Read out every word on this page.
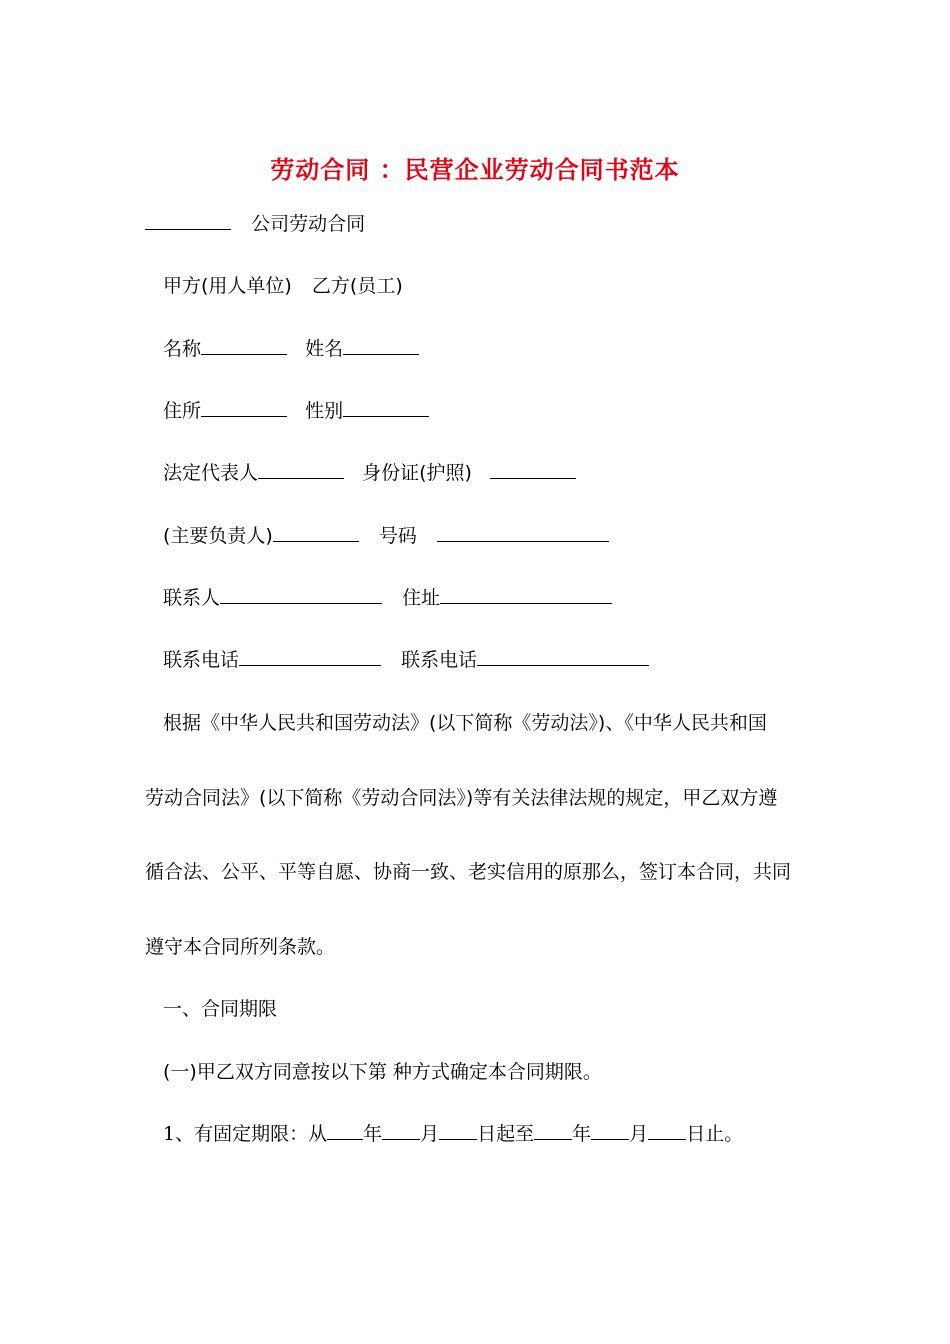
劳动合同 ：民营企业劳动合同书范本
公司劳动合同
甲方(用人单位) 乙方(员工)
名称	姓名
住所	性别
法定代表人	身份证(护照)
(主要负责人)	号码
联系人	住址
联系电话	联系电话
根据《中华人民共和国劳动法》(以下简称《劳动法》)、《中华人民共和国
劳动合同法》(以下简称《劳动合同法》)等有关法律法规的规定，甲乙双方遵
循合法、公平、平等自愿、协商一致、老实信用的原那么，签订本合同，共同
遵守本合同所列条款。
一、合同期限
(一)甲乙双方同意按以下第 种方式确定本合同期限。
1、有固定期限：从 年 月 日起至 年 月 日止。
